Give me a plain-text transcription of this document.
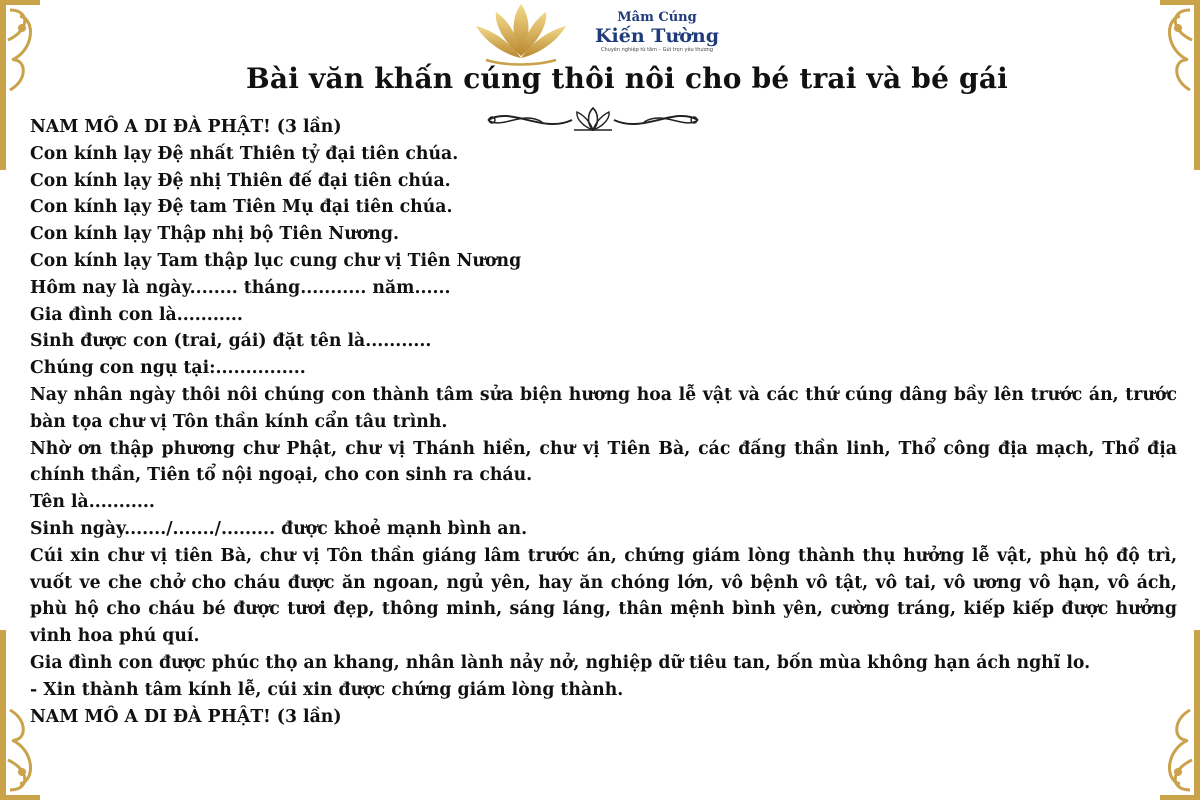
Mâm Cúng
Kiến Tường
Chuyên nghiệp từ tâm – Gửi trọn yêu thương
Bài văn khấn cúng thôi nôi cho bé trai và bé gái

NAM MÔ A DI ĐÀ PHẬT! (3 lần)

Con kính lạy Đệ nhất Thiên tỷ đại tiên chúa.

Con kính lạy Đệ nhị Thiên đế đại tiên chúa.

Con kính lạy Đệ tam Tiên Mụ đại tiên chúa.

Con kính lạy Thập nhị bộ Tiên Nương.

Con kính lạy Tam thập lục cung chư vị Tiên Nương

Hôm nay là ngày........ tháng........... năm......

Gia đình con là...........

Sinh được con (trai, gái) đặt tên là...........

Chúng con ngụ tại:...............

Nay nhân ngày thôi nôi chúng con thành tâm sửa biện hương hoa lễ vật và các thứ cúng dâng bầy lên trước án, trước bàn tọa chư vị Tôn thần kính cẩn tâu trình.

Nhờ ơn thập phương chư Phật, chư vị Thánh hiền, chư vị Tiên Bà, các đấng thần linh, Thổ công địa mạch, Thổ địa chính thần, Tiên tổ nội ngoại, cho con sinh ra cháu.

Tên là...........

Sinh ngày......./......./......... được khoẻ mạnh bình an.

Cúi xin chư vị tiên Bà, chư vị Tôn thần giáng lâm trước án, chứng giám lòng thành thụ hưởng lễ vật, phù hộ độ trì, vuốt ve che chở cho cháu được ăn ngoan, ngủ yên, hay ăn chóng lớn, vô bệnh vô tật, vô tai, vô ương vô hạn, vô ách, phù hộ cho cháu bé được tươi đẹp, thông minh, sáng láng, thân mệnh bình yên, cường tráng, kiếp kiếp được hưởng vinh hoa phú quí.

Gia đình con được phúc thọ an khang, nhân lành nảy nở, nghiệp dữ tiêu tan, bốn mùa không hạn ách nghĩ lo.

- Xin thành tâm kính lễ, cúi xin được chứng giám lòng thành.

NAM MÔ A DI ĐÀ PHẬT! (3 lần)
